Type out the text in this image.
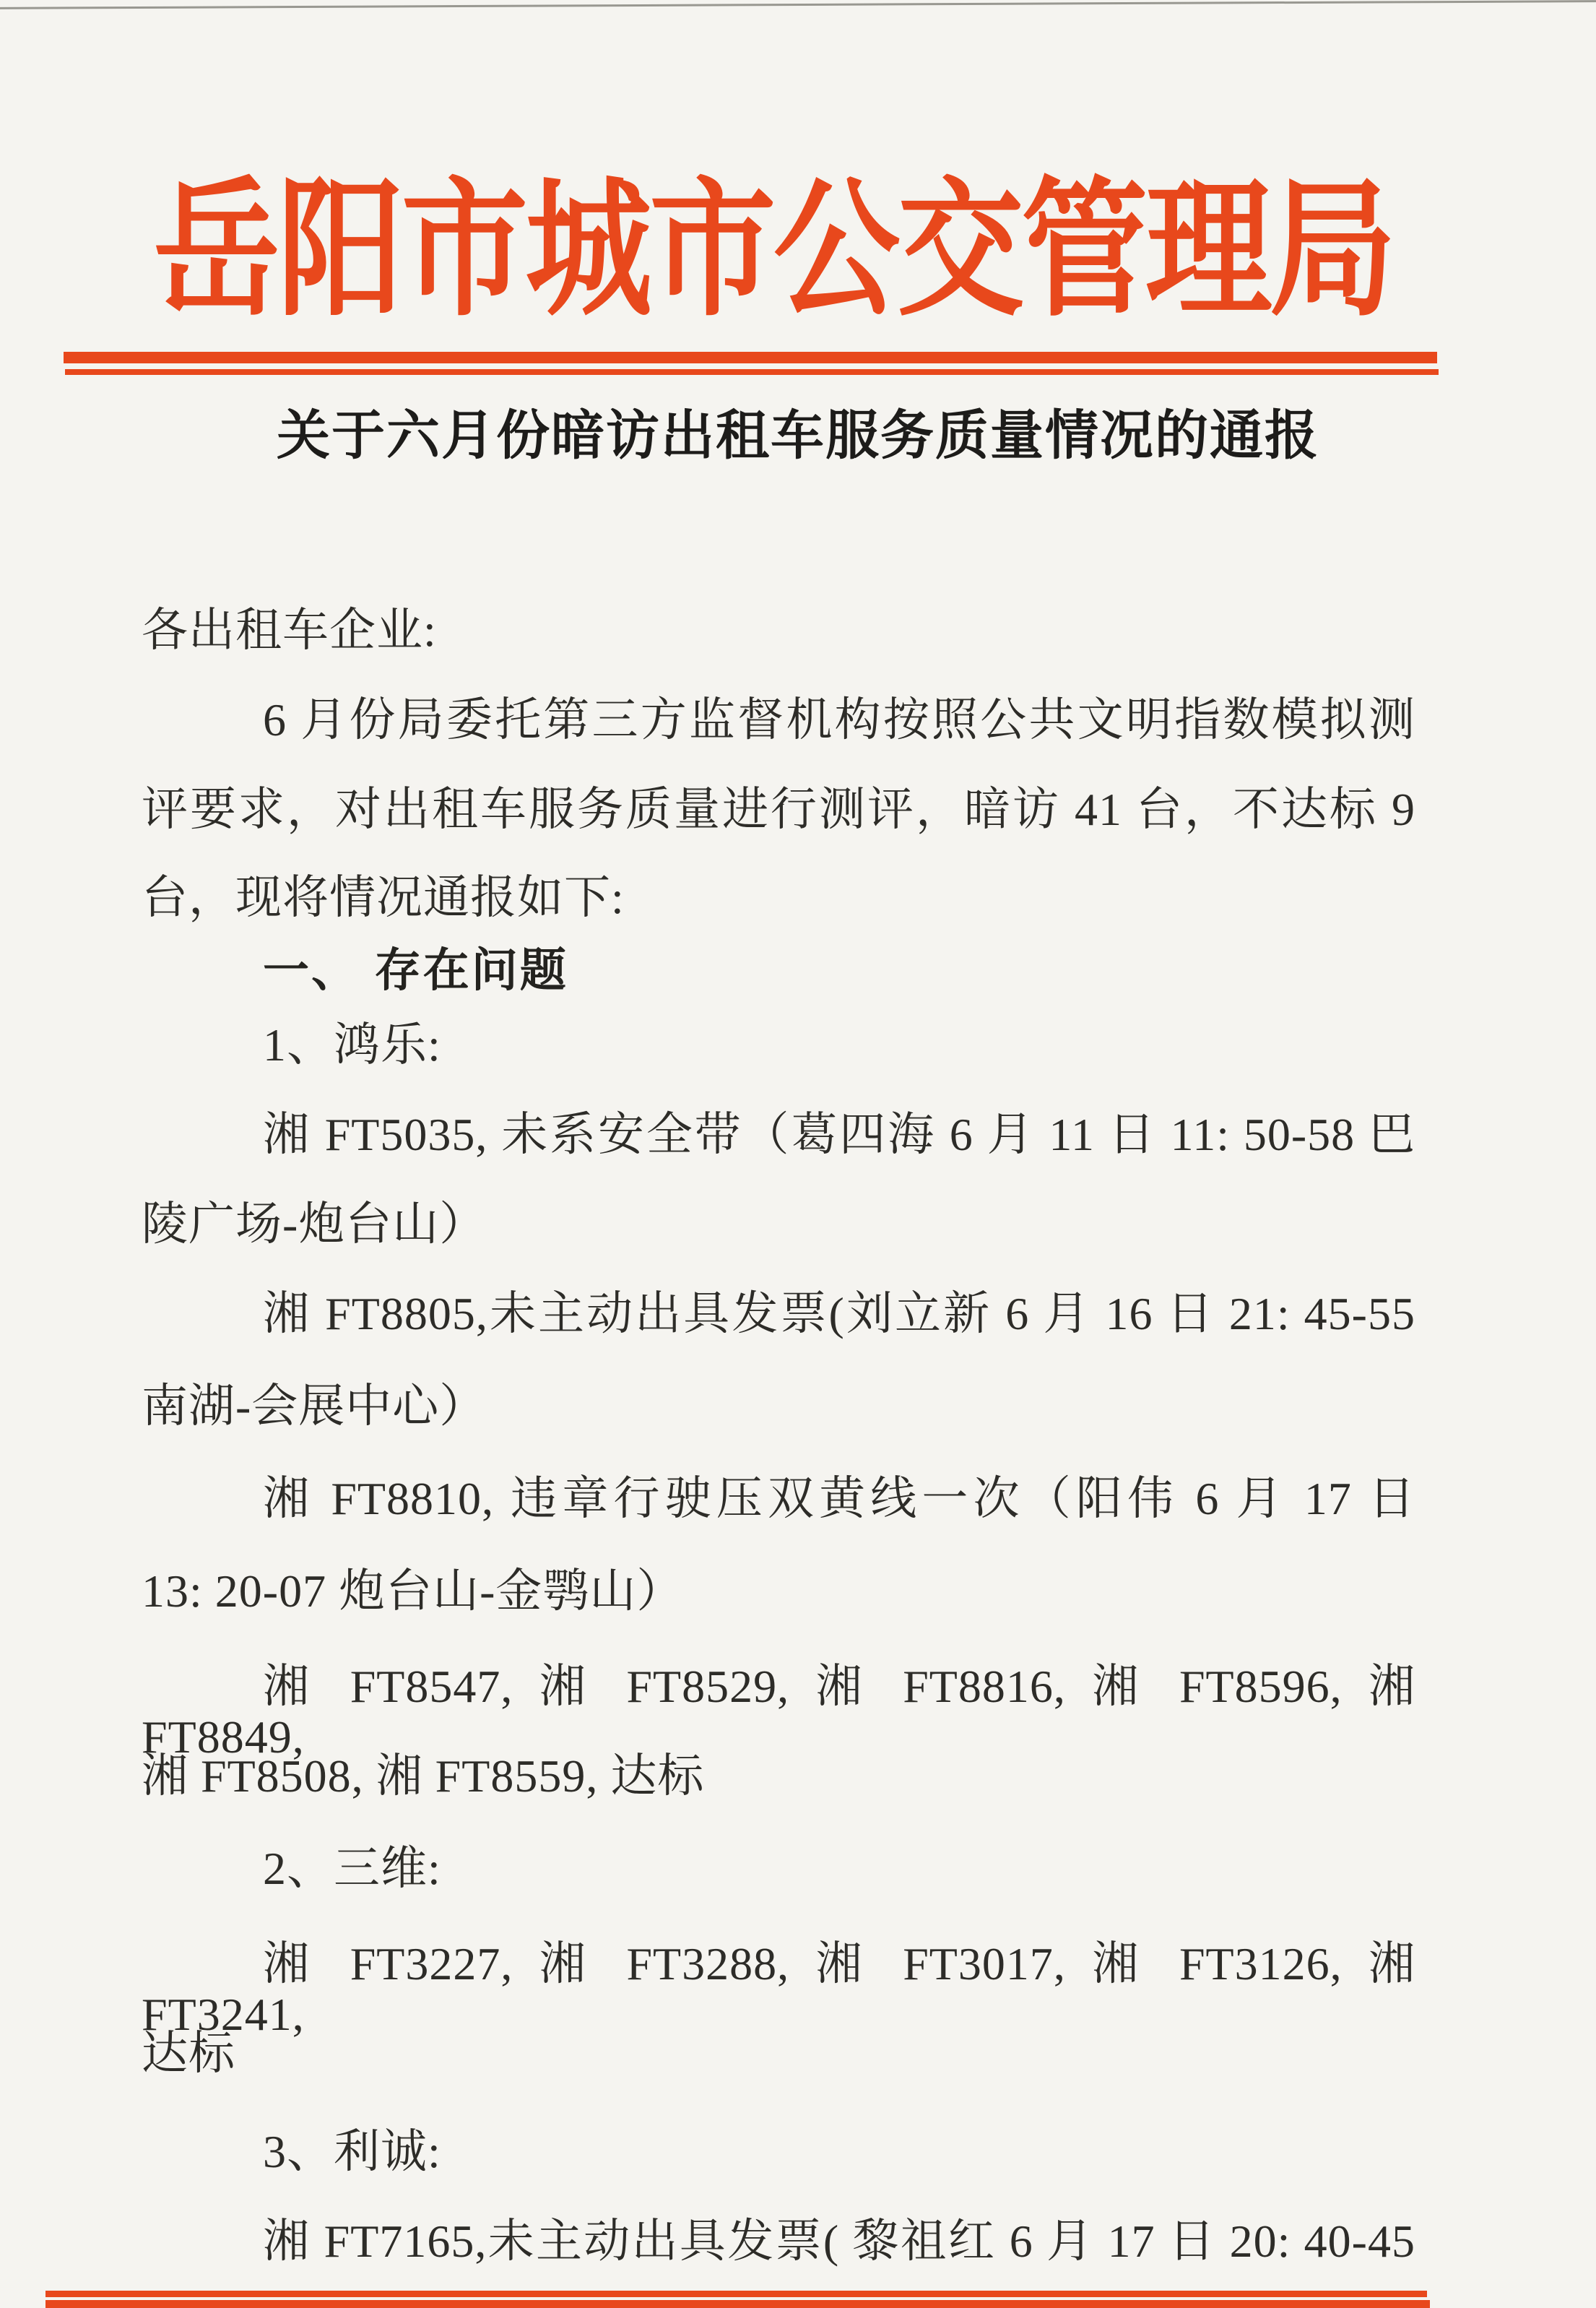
岳阳市城市公交管理局
关于六月份暗访出租车服务质量情况的通报
各出租车企业:
6 月份局委托第三方监督机构按照公共文明指数模拟测
评要求，对出租车服务质量进行测评，暗访 41 台，不达标 9
台，现将情况通报如下:
一、 存在问题
1、鸿乐:
湘 FT5035, 未系安全带（葛四海 6 月 11 日 11: 50-58 巴
陵广场-炮台山）
湘 FT8805,未主动出具发票(刘立新 6 月 16 日 21: 45-55
南湖-会展中心）
湘 FT8810, 违章行驶压双黄线一次（阳伟 6 月 17 日
13: 20-07 炮台山-金鹗山）
湘 FT8547, 湘 FT8529, 湘 FT8816, 湘 FT8596, 湘 FT8849,
湘 FT8508, 湘 FT8559, 达标
2、三维:
湘 FT3227, 湘 FT3288, 湘 FT3017, 湘 FT3126, 湘 FT3241,
达标
3、利诚:
湘 FT7165,未主动出具发票( 黎祖红 6 月 17 日 20: 40-45
